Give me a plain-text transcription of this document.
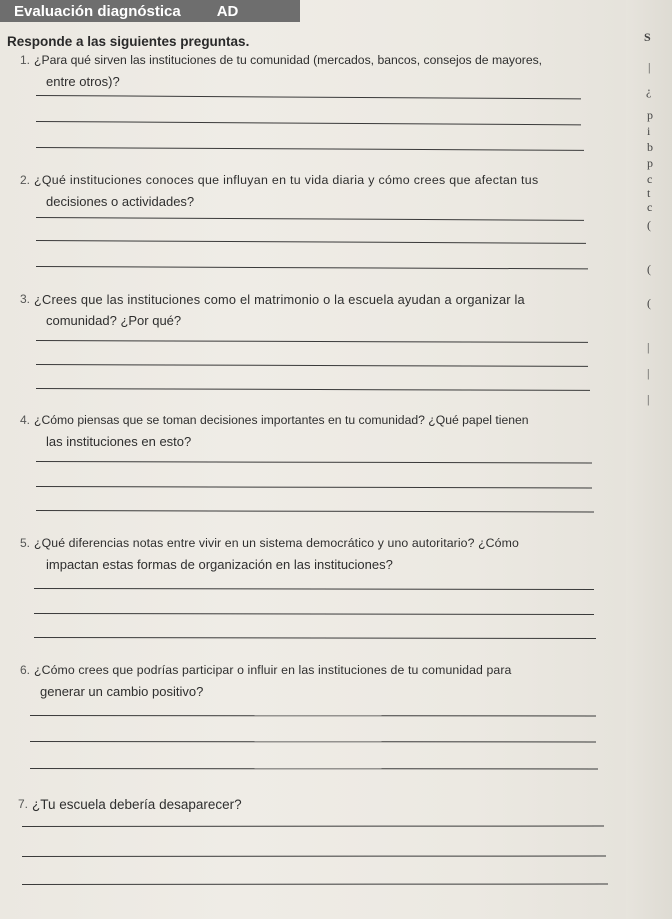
Evaluación diagnóstica AD
Responde a las siguientes preguntas.
1. ¿Para qué sirven las instituciones de tu comunidad (mercados, bancos, consejos de mayores,
entre otros)?
2. ¿Qué instituciones conoces que influyan en tu vida diaria y cómo crees que afectan tus
decisiones o actividades?
3. ¿Crees que las instituciones como el matrimonio o la escuela ayudan a organizar la
comunidad? ¿Por qué?
4. ¿Cómo piensas que se toman decisiones importantes en tu comunidad? ¿Qué papel tienen
las instituciones en esto?
5. ¿Qué diferencias notas entre vivir en un sistema democrático y uno autoritario? ¿Cómo
impactan estas formas de organización en las instituciones?
6. ¿Cómo crees que podrías participar o influir en las instituciones de tu comunidad para
generar un cambio positivo?
7. ¿Tu escuela debería desaparecer?
S
|
¿
p
i
b
p
c
t
c
(
(
(
|
|
|
